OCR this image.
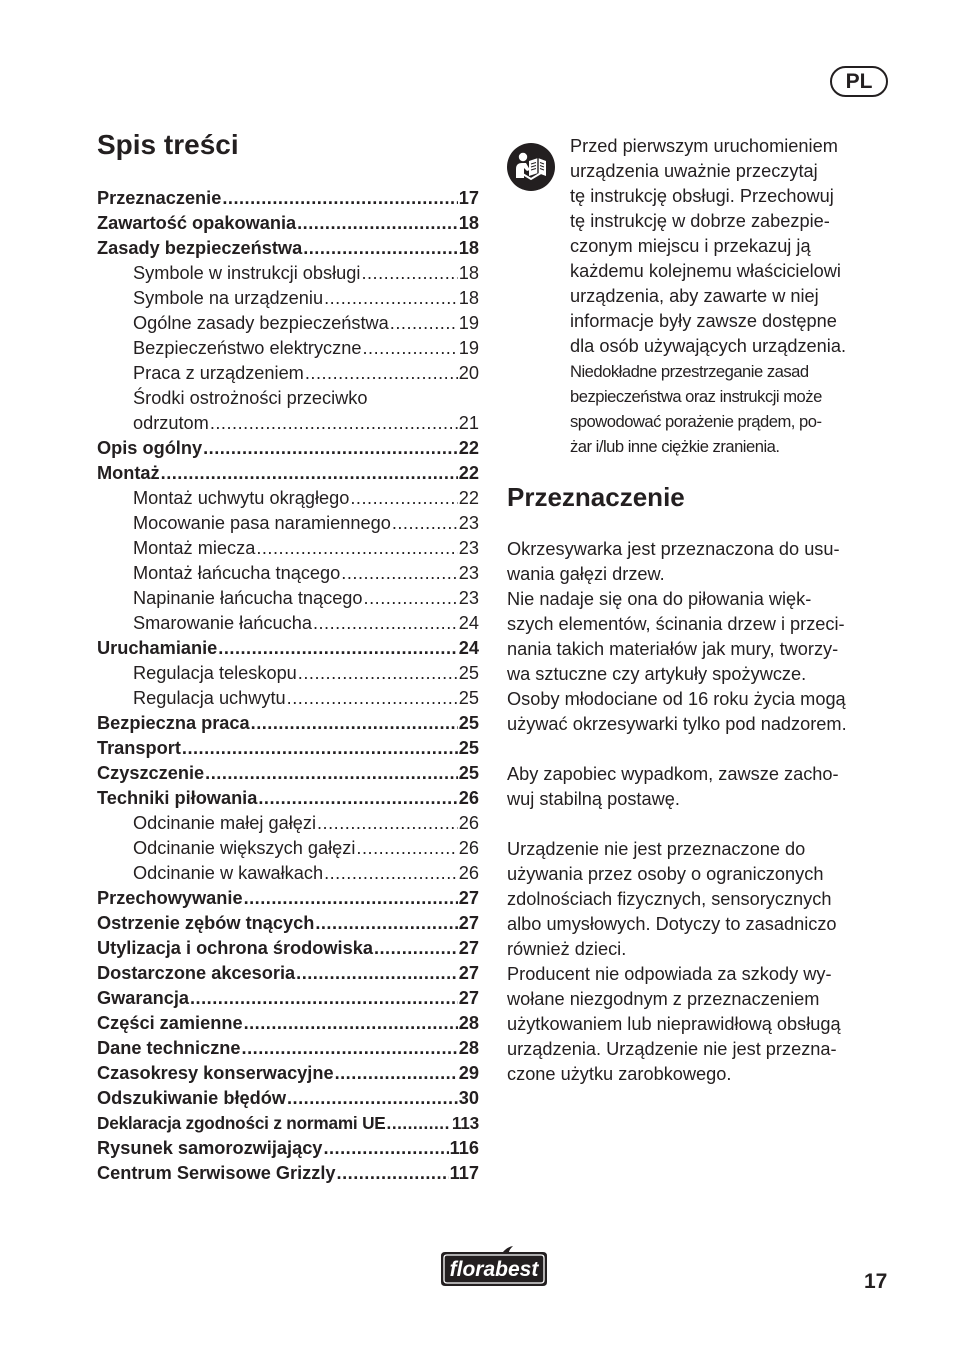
PL
Spis treści
Przeznaczenie .....	17
Zawartość opakowania .....	18
Zasady bezpieczeństwa .....	18
Symbole w instrukcji obsługi .....	18
Symbole na urządzeniu .....	18
Ogólne zasady bezpieczeństwa .....	19
Bezpieczeństwo elektryczne .....	19
Praca z urządzeniem .....	20
Środki ostrożności przeciwko
odrzutom .....	21
Opis ogólny .....	22
Montaż .....	22
Montaż uchwytu okrągłego .....	22
Mocowanie pasa naramiennego .....	23
Montaż miecza .....	23
Montaż łańcucha tnącego .....	23
Napinanie łańcucha tnącego .....	23
Smarowanie łańcucha .....	24
Uruchamianie .....	24
Regulacja teleskopu .....	25
Regulacja uchwytu .....	25
Bezpieczna praca .....	25
Transport .....	25
Czyszczenie .....	25
Techniki piłowania .....	26
Odcinanie małej gałęzi .....	26
Odcinanie większych gałęzi .....	26
Odcinanie w kawałkach .....	26
Przechowywanie .....	27
Ostrzenie zębów tnących .....	27
Utylizacja i ochrona środowiska .....	27
Dostarczone akcesoria .....	27
Gwarancja .....	27
Części zamienne .....	28
Dane techniczne .....	28
Czasokresy konserwacyjne .....	29
Odszukiwanie błędów .....	30
Deklaracja zgodności z normami UE .....	113
Rysunek samorozwijający .....	116
Centrum Serwisowe Grizzly .....	117
Przed pierwszym uruchomieniem
urządzenia uważnie przeczytaj
tę instrukcję obsługi. Przechowuj
tę instrukcję w dobrze zabezpie-
czonym miejscu i przekazuj ją
każdemu kolejnemu właścicielowi
urządzenia, aby zawarte w niej
informacje były zawsze dostępne
dla osób używających urządzenia.
Niedokładne przestrzeganie zasad
bezpieczeństwa oraz instrukcji może
spowodować porażenie prądem, po-
żar i/lub inne ciężkie zranienia.
Przeznaczenie
Okrzesywarka jest przeznaczona do usu-
wania gałęzi drzew.
Nie nadaje się ona do piłowania więk-
szych elementów, ścinania drzew i przeci-
nania takich materiałów jak mury, tworzy-
wa sztuczne czy artykuły spożywcze.
Osoby młodociane od 16 roku życia mogą
używać okrzesywarki tylko pod nadzorem.
Aby zapobiec wypadkom, zawsze zacho-
wuj stabilną postawę.
Urządzenie nie jest przeznaczone do
używania przez osoby o ograniczonych
zdolnościach fizycznych, sensorycznych
albo umysłowych. Dotyczy to zasadniczo
również dzieci.
Producent nie odpowiada za szkody wy-
wołane niezgodnym z przeznaczeniem
użytkowaniem lub nieprawidłową obsługą
urządzenia. Urządzenie nie jest przezna-
czone użytku zarobkowego.
florabest
17
